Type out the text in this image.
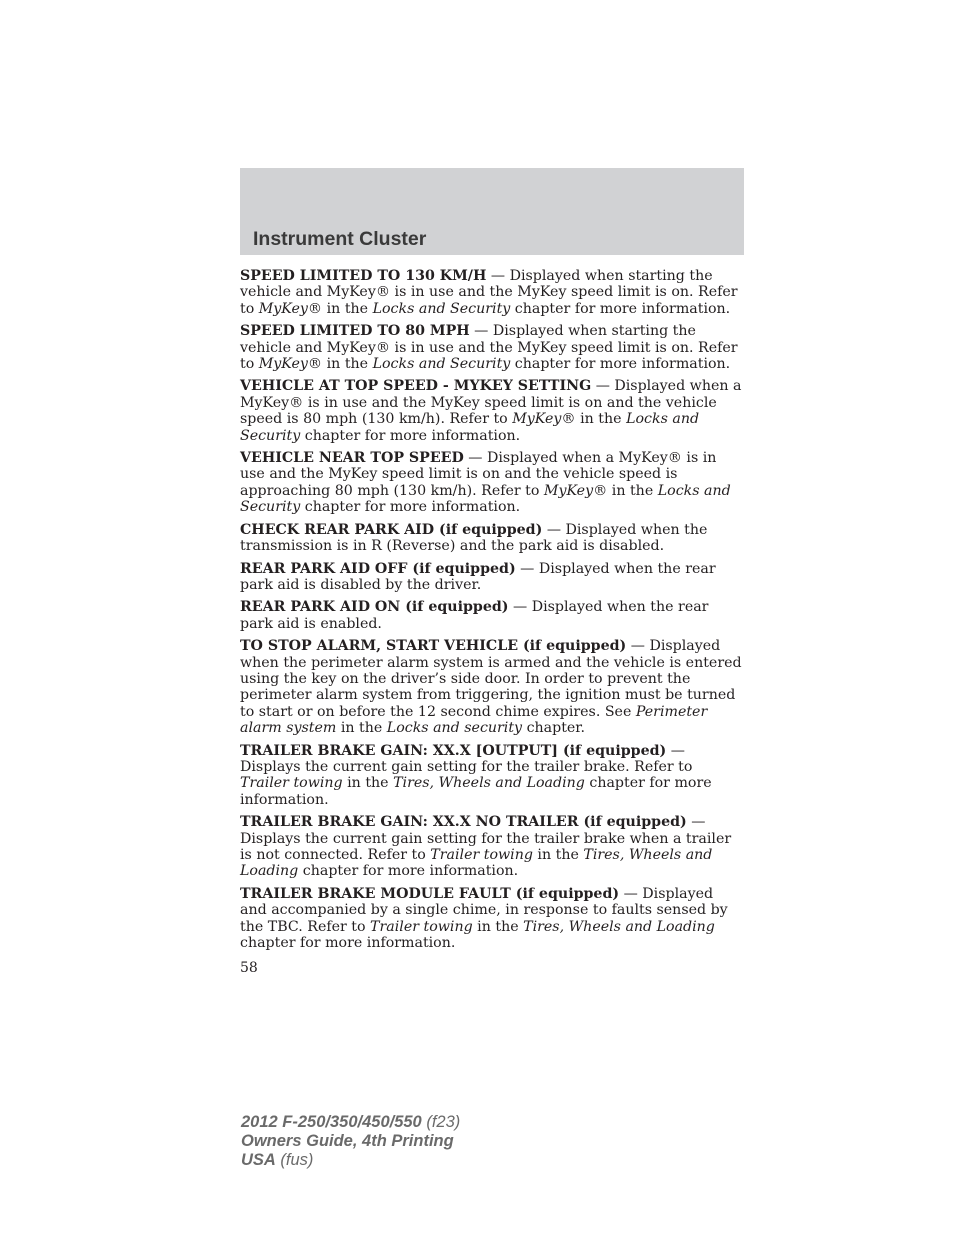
Instrument Cluster

SPEED LIMITED TO 130 KM/H — Displayed when starting the vehicle and MyKey® is in use and the MyKey speed limit is on. Refer to MyKey® in the Locks and Security chapter for more information.

SPEED LIMITED TO 80 MPH — Displayed when starting the vehicle and MyKey® is in use and the MyKey speed limit is on. Refer to MyKey® in the Locks and Security chapter for more information.

VEHICLE AT TOP SPEED - MYKEY SETTING — Displayed when a MyKey® is in use and the MyKey speed limit is on and the vehicle speed is 80 mph (130 km/h). Refer to MyKey® in the Locks and Security chapter for more information.

VEHICLE NEAR TOP SPEED — Displayed when a MyKey® is in use and the MyKey speed limit is on and the vehicle speed is approaching 80 mph (130 km/h). Refer to MyKey® in the Locks and Security chapter for more information.

CHECK REAR PARK AID (if equipped) — Displayed when the transmission is in R (Reverse) and the park aid is disabled.

REAR PARK AID OFF (if equipped) — Displayed when the rear park aid is disabled by the driver.

REAR PARK AID ON (if equipped) — Displayed when the rear park aid is enabled.

TO STOP ALARM, START VEHICLE (if equipped) — Displayed when the perimeter alarm system is armed and the vehicle is entered using the key on the driver’s side door. In order to prevent the perimeter alarm system from triggering, the ignition must be turned to start or on before the 12 second chime expires. See Perimeter alarm system in the Locks and security chapter.

TRAILER BRAKE GAIN: XX.X [OUTPUT] (if equipped) — Displays the current gain setting for the trailer brake. Refer to Trailer towing in the Tires, Wheels and Loading chapter for more information.

TRAILER BRAKE GAIN: XX.X NO TRAILER (if equipped) — Displays the current gain setting for the trailer brake when a trailer is not connected. Refer to Trailer towing in the Tires, Wheels and Loading chapter for more information.

TRAILER BRAKE MODULE FAULT (if equipped) — Displayed and accompanied by a single chime, in response to faults sensed by the TBC. Refer to Trailer towing in the Tires, Wheels and Loading chapter for more information.

58

2012 F-250/350/450/550 (f23)
Owners Guide, 4th Printing
USA (fus)
